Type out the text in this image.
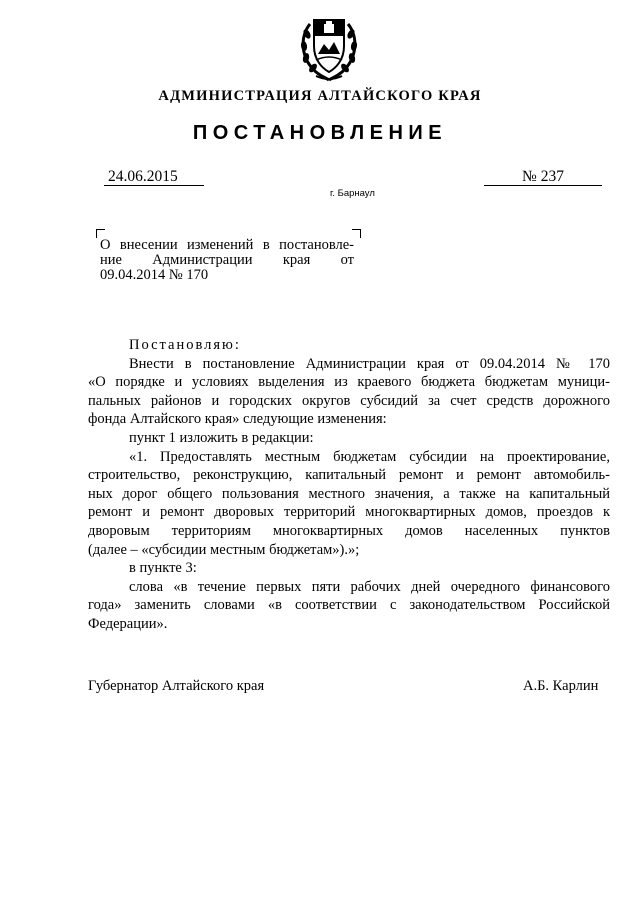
АДМИНИСТРАЦИЯ АЛТАЙСКОГО КРАЯ
ПОСТАНОВЛЕНИЕ
24.06.2015	№ 237
г. Барнаул
О внесении изменений в постановле-
ние Администрации края от
09.04.2014 № 170
Постановляю:
Внести в постановление Администрации края от 09.04.2014 № 170
«О порядке и условиях выделения из краевого бюджета бюджетам муници-
пальных районов и городских округов субсидий за счет средств дорожного
фонда Алтайского края» следующие изменения:
пункт 1 изложить в редакции:
«1. Предоставлять местным бюджетам субсидии на проектирование,
строительство, реконструкцию, капитальный ремонт и ремонт автомобиль-
ных дорог общего пользования местного значения, а также на капитальный
ремонт и ремонт дворовых территорий многоквартирных домов, проездов к
дворовым территориям многоквартирных домов населенных пунктов
(далее – «субсидии местным бюджетам»).»;
в пункте 3:
слова «в течение первых пяти рабочих дней очередного финансового
года» заменить словами «в соответствии с законодательством Российской
Федерации».
Губернатор Алтайского края	А.Б. Карлин
